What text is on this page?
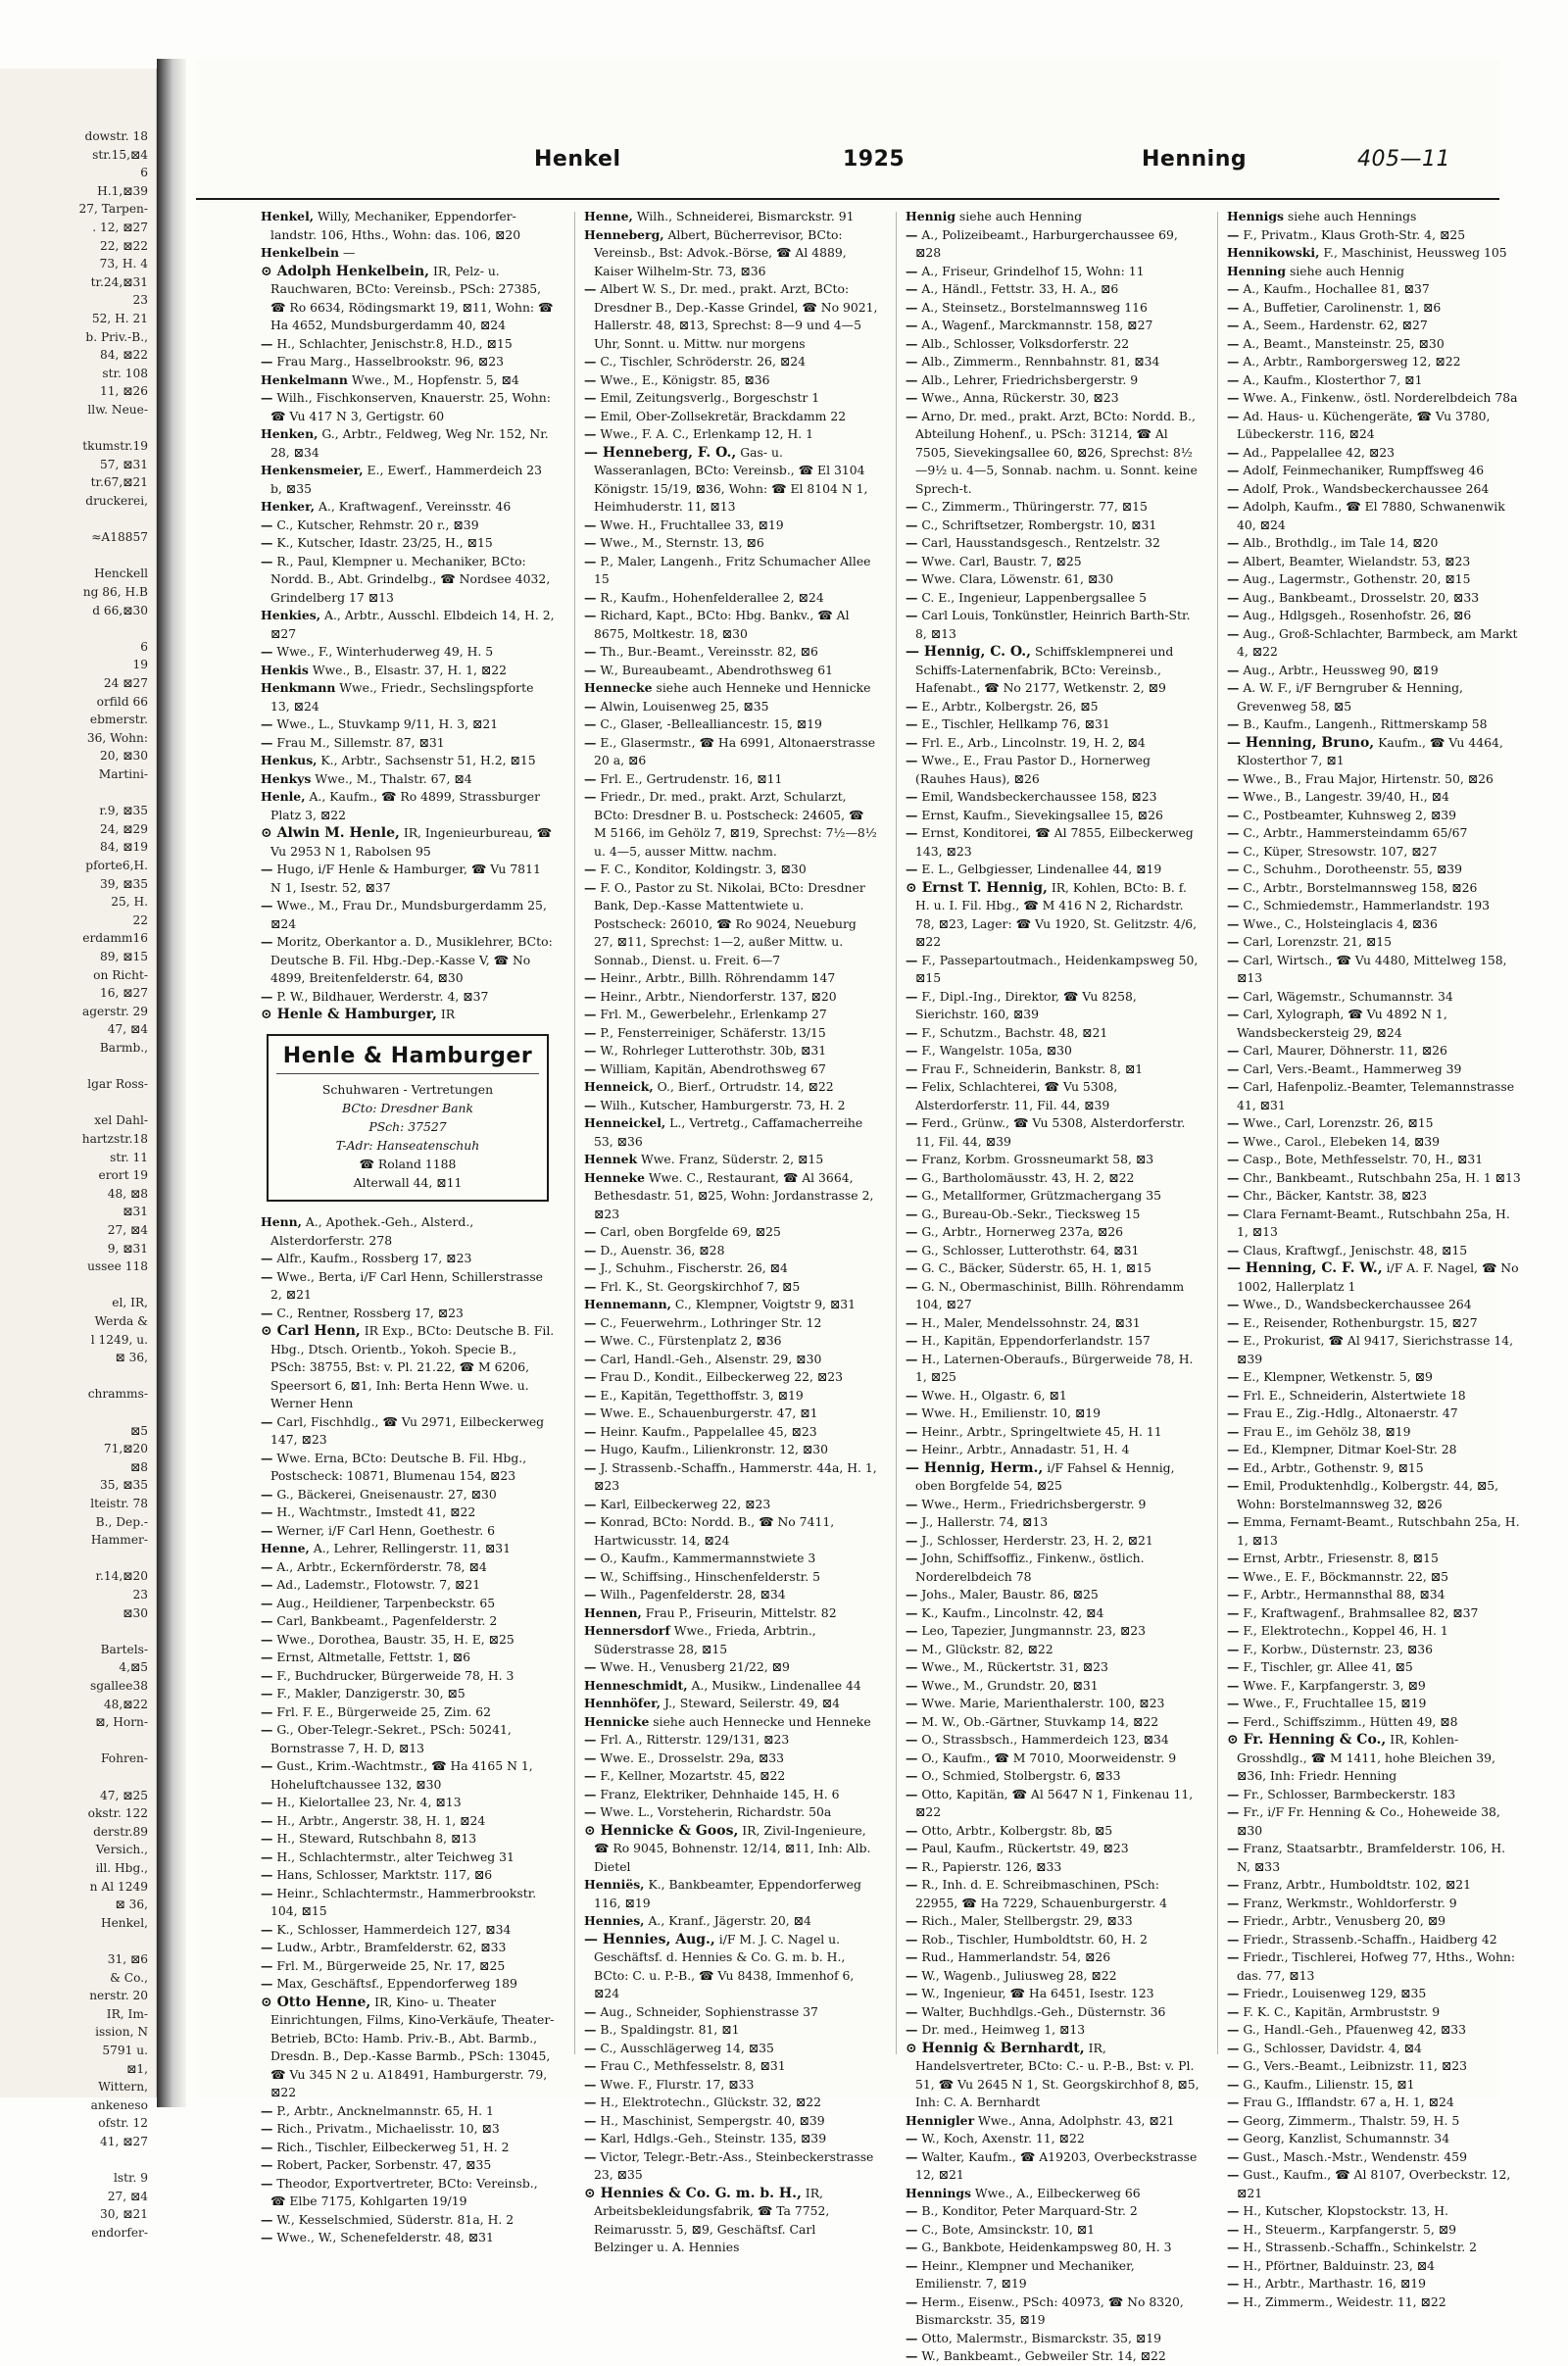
dowstr. 18
str.15,⊠4
6
H.1,⊠39
27, Tarpen-
. 12, ⊠27
22, ⊠22
73, H. 4
tr.24,⊠31
23
52, H. 21
b. Priv.-B.,
84, ⊠22
str. 108
11, ⊠26
llw. Neue-
tkumstr.19
57, ⊠31
tr.67,⊠21
druckerei,
≈A18857
Henckell
ng 86, H.B
d 66,⊠30
6
19
24 ⊠27
orfild 66
ebmerstr.
36, Wohn:
20, ⊠30
Martini-
r.9, ⊠35
24, ⊠29
84, ⊠19
pforte6,H.
39, ⊠35
25, H.
22
erdamm16
89, ⊠15
on Richt-
16, ⊠27
agerstr. 29
47, ⊠4
Barmb.,
lgar Ross-
xel Dahl-
hartzstr.18
str. 11
erort 19
48, ⊠8
⊠31
27, ⊠4
9, ⊠31
ussee 118
el, IR,
Werda &
l 1249, u.
⊠ 36,
chramms-
⊠5
71,⊠20
⊠8
35, ⊠35
lteistr. 78
B., Dep.-
Hammer-
r.14,⊠20
23
⊠30
Bartels-
4,⊠5
sgallee38
48,⊠22
⊠, Horn-
Fohren-
47, ⊠25
okstr. 122
derstr.89
Versich.,
ill. Hbg.,
n Al 1249
⊠ 36,
Henkel,
31, ⊠6
& Co.,
nerstr. 20
IR, Im-
ission, N
5791 u.
⊠1,
Wittern,
ankeneso
ofstr. 12
41, ⊠27
lstr. 9
27, ⊠4
30, ⊠21
endorfer-
Henkel	1925	Henning	405—11
Henkel, Willy, Mechaniker, Eppendorfer-landstr. 106, Hths., Wohn: das. 106, ⊠20
Henkelbein —
⊙ Adolph Henkelbein, IR, Pelz- u. Rauchwaren, BCto: Vereinsb., PSch: 27385, ☎ Ro 6634, Rödingsmarkt 19, ⊠11, Wohn: ☎ Ha 4652, Mundsburgerdamm 40, ⊠24
— H., Schlachter, Jenischstr.8, H.D., ⊠15
— Frau Marg., Hasselbrookstr. 96, ⊠23
Henkelmann Wwe., M., Hopfenstr. 5, ⊠4
— Wilh., Fischkonserven, Knauerstr. 25, Wohn: ☎ Vu 417 N 3, Gertigstr. 60
Henken, G., Arbtr., Feldweg, Weg Nr. 152, Nr. 28, ⊠34
Henkensmeier, E., Ewerf., Hammerdeich 23 b, ⊠35
Henker, A., Kraftwagenf., Vereinsstr. 46
— C., Kutscher, Rehmstr. 20 r., ⊠39
— K., Kutscher, Idastr. 23/25, H., ⊠15
— R., Paul, Klempner u. Mechaniker, BCto: Nordd. B., Abt. Grindelbg., ☎ Nordsee 4032, Grindelberg 17 ⊠13
Henkies, A., Arbtr., Ausschl. Elbdeich 14, H. 2, ⊠27
— Wwe., F., Winterhuderweg 49, H. 5
Henkis Wwe., B., Elsastr. 37, H. 1, ⊠22
Henkmann Wwe., Friedr., Sechslingspforte 13, ⊠24
— Wwe., L., Stuvkamp 9/11, H. 3, ⊠21
— Frau M., Sillemstr. 87, ⊠31
Henkus, K., Arbtr., Sachsenstr 51, H.2, ⊠15
Henkys Wwe., M., Thalstr. 67, ⊠4
Henle, A., Kaufm., ☎ Ro 4899, Strassburger Platz 3, ⊠22
⊙ Alwin M. Henle, IR, Ingenieurbureau, ☎ Vu 2953 N 1, Rabolsen 95
— Hugo, i/F Henle & Hamburger, ☎ Vu 7811 N 1, Isestr. 52, ⊠37
— Wwe., M., Frau Dr., Mundsburgerdamm 25, ⊠24
— Moritz, Oberkantor a. D., Musiklehrer, BCto: Deutsche B. Fil. Hbg.-Dep.-Kasse V, ☎ No 4899, Breitenfelderstr. 64, ⊠30
— P. W., Bildhauer, Werderstr. 4, ⊠37
⊙ Henle & Hamburger, IR
Henle & Hamburger
Schuhwaren - Vertretungen
BCto: Dresdner Bank
PSch: 37527
T-Adr: Hanseatenschuh
☎ Roland 1188
Alterwall 44, ⊠11
Henn, A., Apothek.-Geh., Alsterd., Alsterdorferstr. 278
— Alfr., Kaufm., Rossberg 17, ⊠23
— Wwe., Berta, i/F Carl Henn, Schillerstrasse 2, ⊠21
— C., Rentner, Rossberg 17, ⊠23
⊙ Carl Henn, IR Exp., BCto: Deutsche B. Fil. Hbg., Dtsch. Orientb., Yokoh. Specie B., PSch: 38755, Bst: v. Pl. 21.22, ☎ M 6206, Speersort 6, ⊠1, Inh: Berta Henn Wwe. u. Werner Henn
— Carl, Fischhdlg., ☎ Vu 2971, Eilbeckerweg 147, ⊠23
— Wwe. Erna, BCto: Deutsche B. Fil. Hbg., Postscheck: 10871, Blumenau 154, ⊠23
— G., Bäckerei, Gneisenaustr. 27, ⊠30
— H., Wachtmstr., Imstedt 41, ⊠22
— Werner, i/F Carl Henn, Goethestr. 6
Henne, A., Lehrer, Rellingerstr. 11, ⊠31
— A., Arbtr., Eckernförderstr. 78, ⊠4
— Ad., Lademstr., Flotowstr. 7, ⊠21
— Aug., Heildiener, Tarpenbeckstr. 65
— Carl, Bankbeamt., Pagenfelderstr. 2
— Wwe., Dorothea, Baustr. 35, H. E, ⊠25
— Ernst, Altmetalle, Fettstr. 1, ⊠6
— F., Buchdrucker, Bürgerweide 78, H. 3
— F., Makler, Danzigerstr. 30, ⊠5
— Frl. F. E., Bürgerweide 25, Zim. 62
— G., Ober-Telegr.-Sekret., PSch: 50241, Bornstrasse 7, H. D, ⊠13
— Gust., Krim.-Wachtmstr., ☎ Ha 4165 N 1, Hoheluftchaussee 132, ⊠30
— H., Kielortallee 23, Nr. 4, ⊠13
— H., Arbtr., Angerstr. 38, H. 1, ⊠24
— H., Steward, Rutschbahn 8, ⊠13
— H., Schlachtermstr., alter Teichweg 31
— Hans, Schlosser, Marktstr. 117, ⊠6
— Heinr., Schlachtermstr., Hammerbrookstr. 104, ⊠15
— K., Schlosser, Hammerdeich 127, ⊠34
— Ludw., Arbtr., Bramfelderstr. 62, ⊠33
— Frl. M., Bürgerweide 25, Nr. 17, ⊠25
— Max, Geschäftsf., Eppendorferweg 189
⊙ Otto Henne, IR, Kino- u. Theater Einrichtungen, Films, Kino-Verkäufe, Theater-Betrieb, BCto: Hamb. Priv.-B., Abt. Barmb., Dresdn. B., Dep.-Kasse Barmb., PSch: 13045, ☎ Vu 345 N 2 u. A18491, Hamburgerstr. 79, ⊠22
— P., Arbtr., Ancknelmannstr. 65, H. 1
— Rich., Privatm., Michaelisstr. 10, ⊠3
— Rich., Tischler, Eilbeckerweg 51, H. 2
— Robert, Packer, Sorbenstr. 47, ⊠35
— Theodor, Exportvertreter, BCto: Vereinsb., ☎ Elbe 7175, Kohlgarten 19/19
— W., Kesselschmied, Süderstr. 81a, H. 2
— Wwe., W., Schenefelderstr. 48, ⊠31
Henne, Wilh., Schneiderei, Bismarckstr. 91
Henneberg, Albert, Bücherrevisor, BCto: Vereinsb., Bst: Advok.-Börse, ☎ Al 4889, Kaiser Wilhelm-Str. 73, ⊠36
— Albert W. S., Dr. med., prakt. Arzt, BCto: Dresdner B., Dep.-Kasse Grindel, ☎ No 9021, Hallerstr. 48, ⊠13, Sprechst: 8—9 und 4—5 Uhr, Sonnt. u. Mittw. nur morgens
— C., Tischler, Schröderstr. 26, ⊠24
— Wwe., E., Königstr. 85, ⊠36
— Emil, Zeitungsverlg., Borgeschstr 1
— Emil, Ober-Zollsekretär, Brackdamm 22
— Wwe., F. A. C., Erlenkamp 12, H. 1
— Henneberg, F. O., Gas- u. Wasseranlagen, BCto: Vereinsb., ☎ El 3104 Königstr. 15/19, ⊠36, Wohn: ☎ El 8104 N 1, Heimhuderstr. 11, ⊠13
— Wwe. H., Fruchtallee 33, ⊠19
— Wwe., M., Sternstr. 13, ⊠6
— P., Maler, Langenh., Fritz Schumacher Allee 15
— R., Kaufm., Hohenfelderallee 2, ⊠24
— Richard, Kapt., BCto: Hbg. Bankv., ☎ Al 8675, Moltkestr. 18, ⊠30
— Th., Bur.-Beamt., Vereinsstr. 82, ⊠6
— W., Bureaubeamt., Abendrothsweg 61
Hennecke siehe auch Henneke und Hennicke
— Alwin, Louisenweg 25, ⊠35
— C., Glaser, -Bellealliancestr. 15, ⊠19
— E., Glasermstr., ☎ Ha 6991, Altonaerstrasse 20 a, ⊠6
— Frl. E., Gertrudenstr. 16, ⊠11
— Friedr., Dr. med., prakt. Arzt, Schularzt, BCto: Dresdner B. u. Postscheck: 24605, ☎ M 5166, im Gehölz 7, ⊠19, Sprechst: 7½—8½ u. 4—5, ausser Mittw. nachm.
— F. C., Konditor, Koldingstr. 3, ⊠30
— F. O., Pastor zu St. Nikolai, BCto: Dresdner Bank, Dep.-Kasse Mattentwiete u. Postscheck: 26010, ☎ Ro 9024, Neueburg 27, ⊠11, Sprechst: 1—2, außer Mittw. u. Sonnab., Dienst. u. Freit. 6—7
— Heinr., Arbtr., Billh. Röhrendamm 147
— Heinr., Arbtr., Niendorferstr. 137, ⊠20
— Frl. M., Gewerbelehr., Erlenkamp 27
— P., Fensterreiniger, Schäferstr. 13/15
— W., Rohrleger Lutterothstr. 30b, ⊠31
— William, Kapitän, Abendrothsweg 67
Henneick, O., Bierf., Ortrudstr. 14, ⊠22
— Wilh., Kutscher, Hamburgerstr. 73, H. 2
Henneickel, L., Vertretg., Caffamacherreihe 53, ⊠36
Hennek Wwe. Franz, Süderstr. 2, ⊠15
Henneke Wwe. C., Restaurant, ☎ Al 3664, Bethesdastr. 51, ⊠25, Wohn: Jordanstrasse 2, ⊠23
— Carl, oben Borgfelde 69, ⊠25
— D., Auenstr. 36, ⊠28
— J., Schuhm., Fischerstr. 26, ⊠4
— Frl. K., St. Georgskirchhof 7, ⊠5
Hennemann, C., Klempner, Voigtstr 9, ⊠31
— C., Feuerwehrm., Lothringer Str. 12
— Wwe. C., Fürstenplatz 2, ⊠36
— Carl, Handl.-Geh., Alsenstr. 29, ⊠30
— Frau D., Kondit., Eilbeckerweg 22, ⊠23
— E., Kapitän, Tegetthoffstr. 3, ⊠19
— Wwe. E., Schauenburgerstr. 47, ⊠1
— Heinr. Kaufm., Pappelallee 45, ⊠23
— Hugo, Kaufm., Lilienkronstr. 12, ⊠30
— J. Strassenb.-Schaffn., Hammerstr. 44a, H. 1, ⊠23
— Karl, Eilbeckerweg 22, ⊠23
— Konrad, BCto: Nordd. B., ☎ No 7411, Hartwicusstr. 14, ⊠24
— O., Kaufm., Kammermannstwiete 3
— W., Schiffsing., Hinschenfelderstr. 5
— Wilh., Pagenfelderstr. 28, ⊠34
Hennen, Frau P., Friseurin, Mittelstr. 82
Hennersdorf Wwe., Frieda, Arbtrin., Süderstrasse 28, ⊠15
— Wwe. H., Venusberg 21/22, ⊠9
Henneschmidt, A., Musikw., Lindenallee 44
Hennhöfer, J., Steward, Seilerstr. 49, ⊠4
Hennicke siehe auch Hennecke und Henneke
— Frl. A., Ritterstr. 129/131, ⊠23
— Wwe. E., Drosselstr. 29a, ⊠33
— F., Kellner, Mozartstr. 45, ⊠22
— Franz, Elektriker, Dehnhaide 145, H. 6
— Wwe. L., Vorsteherin, Richardstr. 50a
⊙ Hennicke & Goos, IR, Zivil-Ingenieure, ☎ Ro 9045, Bohnenstr. 12/14, ⊠11, Inh: Alb. Dietel
Henniës, K., Bankbeamter, Eppendorferweg 116, ⊠19
Hennies, A., Kranf., Jägerstr. 20, ⊠4
— Hennies, Aug., i/F M. J. C. Nagel u. Geschäftsf. d. Hennies & Co. G. m. b. H., BCto: C. u. P.-B., ☎ Vu 8438, Immenhof 6, ⊠24
— Aug., Schneider, Sophienstrasse 37
— B., Spaldingstr. 81, ⊠1
— C., Ausschlägerweg 14, ⊠35
— Frau C., Methfesselstr. 8, ⊠31
— Wwe. F., Flurstr. 17, ⊠33
— H., Elektrotechn., Glückstr. 32, ⊠22
— H., Maschinist, Sempergstr. 40, ⊠39
— Karl, Hdlgs.-Geh., Steinstr. 135, ⊠39
— Victor, Telegr.-Betr.-Ass., Steinbeckerstrasse 23, ⊠35
⊙ Hennies & Co. G. m. b. H., IR, Arbeitsbekleidungsfabrik, ☎ Ta 7752, Reimarusstr. 5, ⊠9, Geschäftsf. Carl Belzinger u. A. Hennies
Hennig siehe auch Henning
— A., Polizeibeamt., Harburgerchaussee 69, ⊠28
— A., Friseur, Grindelhof 15, Wohn: 11
— A., Händl., Fettstr. 33, H. A., ⊠6
— A., Steinsetz., Borstelmannsweg 116
— A., Wagenf., Marckmannstr. 158, ⊠27
— Alb., Schlosser, Volksdorferstr. 22
— Alb., Zimmerm., Rennbahnstr. 81, ⊠34
— Alb., Lehrer, Friedrichsbergerstr. 9
— Wwe., Anna, Rückerstr. 30, ⊠23
— Arno, Dr. med., prakt. Arzt, BCto: Nordd. B., Abteilung Hohenf., u. PSch: 31214, ☎ Al 7505, Sievekingsallee 60, ⊠26, Sprechst: 8½—9½ u. 4—5, Sonnab. nachm. u. Sonnt. keine Sprech-t.
— C., Zimmerm., Thüringerstr. 77, ⊠15
— C., Schriftsetzer, Rombergstr. 10, ⊠31
— Carl, Hausstandsgesch., Rentzelstr. 32
— Wwe. Carl, Baustr. 7, ⊠25
— Wwe. Clara, Löwenstr. 61, ⊠30
— C. E., Ingenieur, Lappenbergsallee 5
— Carl Louis, Tonkünstler, Heinrich Barth-Str. 8, ⊠13
— Hennig, C. O., Schiffsklempnerei und Schiffs-Laternenfabrik, BCto: Vereinsb., Hafenabt., ☎ No 2177, Wetkenstr. 2, ⊠9
— E., Arbtr., Kolbergstr. 26, ⊠5
— E., Tischler, Hellkamp 76, ⊠31
— Frl. E., Arb., Lincolnstr. 19, H. 2, ⊠4
— Wwe., E., Frau Pastor D., Hornerweg (Rauhes Haus), ⊠26
— Emil, Wandsbeckerchaussee 158, ⊠23
— Ernst, Kaufm., Sievekingsallee 15, ⊠26
— Ernst, Konditorei, ☎ Al 7855, Eilbeckerweg 143, ⊠23
— E. L., Gelbgiesser, Lindenallee 44, ⊠19
⊙ Ernst T. Hennig, IR, Kohlen, BCto: B. f. H. u. I. Fil. Hbg., ☎ M 416 N 2, Richardstr. 78, ⊠23, Lager: ☎ Vu 1920, St. Gelitzstr. 4/6, ⊠22
— F., Passepartoutmach., Heidenkampsweg 50, ⊠15
— F., Dipl.-Ing., Direktor, ☎ Vu 8258, Sierichstr. 160, ⊠39
— F., Schutzm., Bachstr. 48, ⊠21
— F., Wangelstr. 105a, ⊠30
— Frau F., Schneiderin, Bankstr. 8, ⊠1
— Felix, Schlachterei, ☎ Vu 5308, Alsterdorferstr. 11, Fil. 44, ⊠39
— Ferd., Grünw., ☎ Vu 5308, Alsterdorferstr. 11, Fil. 44, ⊠39
— Franz, Korbm. Grossneumarkt 58, ⊠3
— G., Bartholomäusstr. 43, H. 2, ⊠22
— G., Metallformer, Grützmachergang 35
— G., Bureau-Ob.-Sekr., Tiecksweg 15
— G., Arbtr., Hornerweg 237a, ⊠26
— G., Schlosser, Lutterothstr. 64, ⊠31
— G. C., Bäcker, Süderstr. 65, H. 1, ⊠15
— G. N., Obermaschinist, Billh. Röhrendamm 104, ⊠27
— H., Maler, Mendelssohnstr. 24, ⊠31
— H., Kapitän, Eppendorferlandstr. 157
— H., Laternen-Oberaufs., Bürgerweide 78, H. 1, ⊠25
— Wwe. H., Olgastr. 6, ⊠1
— Wwe. H., Emilienstr. 10, ⊠19
— Heinr., Arbtr., Springeltwiete 45, H. 11
— Heinr., Arbtr., Annadastr. 51, H. 4
— Hennig, Herm., i/F Fahsel & Hennig, oben Borgfelde 54, ⊠25
— Wwe., Herm., Friedrichsbergerstr. 9
— J., Hallerstr. 74, ⊠13
— J., Schlosser, Herderstr. 23, H. 2, ⊠21
— John, Schiffsoffiz., Finkenw., östlich. Norderelbdeich 78
— Johs., Maler, Baustr. 86, ⊠25
— K., Kaufm., Lincolnstr. 42, ⊠4
— Leo, Tapezier, Jungmannstr. 23, ⊠23
— M., Glückstr. 82, ⊠22
— Wwe., M., Rückertstr. 31, ⊠23
— Wwe., M., Grundstr. 20, ⊠31
— Wwe. Marie, Marienthalerstr. 100, ⊠23
— M. W., Ob.-Gärtner, Stuvkamp 14, ⊠22
— O., Strassbsch., Hammerdeich 123, ⊠34
— O., Kaufm., ☎ M 7010, Moorweidenstr. 9
— O., Schmied, Stolbergstr. 6, ⊠33
— Otto, Kapitän, ☎ Al 5647 N 1, Finkenau 11, ⊠22
— Otto, Arbtr., Kolbergstr. 8b, ⊠5
— Paul, Kaufm., Rückertstr. 49, ⊠23
— R., Papierstr. 126, ⊠33
— R., Inh. d. E. Schreibmaschinen, PSch: 22955, ☎ Ha 7229, Schauenburgerstr. 4
— Rich., Maler, Stellbergstr. 29, ⊠33
— Rob., Tischler, Humboldtstr. 60, H. 2
— Rud., Hammerlandstr. 54, ⊠26
— W., Wagenb., Juliusweg 28, ⊠22
— W., Ingenieur, ☎ Ha 6451, Isestr. 123
— Walter, Buchhdlgs.-Geh., Düsternstr. 36
— Dr. med., Heimweg 1, ⊠13
⊙ Hennig & Bernhardt, IR, Handelsvertreter, BCto: C.- u. P.-B., Bst: v. Pl. 51, ☎ Vu 2645 N 1, St. Georgskirchhof 8, ⊠5, Inh: C. A. Bernhardt
Hennigler Wwe., Anna, Adolphstr. 43, ⊠21
— W., Koch, Axenstr. 11, ⊠22
— Walter, Kaufm., ☎ A19203, Overbeckstrasse 12, ⊠21
Hennings Wwe., A., Eilbeckerweg 66
— B., Konditor, Peter Marquard-Str. 2
— C., Bote, Amsinckstr. 10, ⊠1
— G., Bankbote, Heidenkampsweg 80, H. 3
— Heinr., Klempner und Mechaniker, Emilienstr. 7, ⊠19
— Herm., Eisenw., PSch: 40973, ☎ No 8320, Bismarckstr. 35, ⊠19
— Otto, Malermstr., Bismarckstr. 35, ⊠19
— W., Bankbeamt., Gebweiler Str. 14, ⊠22
Hennigs siehe auch Hennings
— F., Privatm., Klaus Groth-Str. 4, ⊠25
Hennikowski, F., Maschinist, Heussweg 105
Henning siehe auch Hennig
— A., Kaufm., Hochallee 81, ⊠37
— A., Buffetier, Carolinenstr. 1, ⊠6
— A., Seem., Hardenstr. 62, ⊠27
— A., Beamt., Mansteinstr. 25, ⊠30
— A., Arbtr., Ramborgersweg 12, ⊠22
— A., Kaufm., Klosterthor 7, ⊠1
— Wwe. A., Finkenw., östl. Norderelbdeich 78a
— Ad. Haus- u. Küchengeräte, ☎ Vu 3780, Lübeckerstr. 116, ⊠24
— Ad., Pappelallee 42, ⊠23
— Adolf, Feinmechaniker, Rumpffsweg 46
— Adolf, Prok., Wandsbeckerchaussee 264
— Adolph, Kaufm., ☎ El 7880, Schwanenwik 40, ⊠24
— Alb., Brothdlg., im Tale 14, ⊠20
— Albert, Beamter, Wielandstr. 53, ⊠23
— Aug., Lagermstr., Gothenstr. 20, ⊠15
— Aug., Bankbeamt., Drosselstr. 20, ⊠33
— Aug., Hdlgsgeh., Rosenhofstr. 26, ⊠6
— Aug., Groß-Schlachter, Barmbeck, am Markt 4, ⊠22
— Aug., Arbtr., Heussweg 90, ⊠19
— A. W. F., i/F Berngruber & Henning, Grevenweg 58, ⊠5
— B., Kaufm., Langenh., Rittmerskamp 58
— Henning, Bruno, Kaufm., ☎ Vu 4464, Klosterthor 7, ⊠1
— Wwe., B., Frau Major, Hirtenstr. 50, ⊠26
— Wwe., B., Langestr. 39/40, H., ⊠4
— C., Postbeamter, Kuhnsweg 2, ⊠39
— C., Arbtr., Hammersteindamm 65/67
— C., Küper, Stresowstr. 107, ⊠27
— C., Schuhm., Dorotheenstr. 55, ⊠39
— C., Arbtr., Borstelmannsweg 158, ⊠26
— C., Schmiedemstr., Hammerlandstr. 193
— Wwe., C., Holsteinglacis 4, ⊠36
— Carl, Lorenzstr. 21, ⊠15
— Carl, Wirtsch., ☎ Vu 4480, Mittelweg 158, ⊠13
— Carl, Wägemstr., Schumannstr. 34
— Carl, Xylograph, ☎ Vu 4892 N 1, Wandsbeckersteig 29, ⊠24
— Carl, Maurer, Döhnerstr. 11, ⊠26
— Carl, Vers.-Beamt., Hammerweg 39
— Carl, Hafenpoliz.-Beamter, Telemannstrasse 41, ⊠31
— Wwe., Carl, Lorenzstr. 26, ⊠15
— Wwe., Carol., Elebeken 14, ⊠39
— Casp., Bote, Methfesselstr. 70, H., ⊠31
— Chr., Bankbeamt., Rutschbahn 25a, H. 1 ⊠13
— Chr., Bäcker, Kantstr. 38, ⊠23
— Clara Fernamt-Beamt., Rutschbahn 25a, H. 1, ⊠13
— Claus, Kraftwgf., Jenischstr. 48, ⊠15
— Henning, C. F. W., i/F A. F. Nagel, ☎ No 1002, Hallerplatz 1
— Wwe., D., Wandsbeckerchaussee 264
— E., Reisender, Rothenburgstr. 15, ⊠27
— E., Prokurist, ☎ Al 9417, Sierichstrasse 14, ⊠39
— E., Klempner, Wetkenstr. 5, ⊠9
— Frl. E., Schneiderin, Alstertwiete 18
— Frau E., Zig.-Hdlg., Altonaerstr. 47
— Frau E., im Gehölz 38, ⊠19
— Ed., Klempner, Ditmar Koel-Str. 28
— Ed., Arbtr., Gothenstr. 9, ⊠15
— Emil, Produktenhdlg., Kolbergstr. 44, ⊠5, Wohn: Borstelmannsweg 32, ⊠26
— Emma, Fernamt-Beamt., Rutschbahn 25a, H. 1, ⊠13
— Ernst, Arbtr., Friesenstr. 8, ⊠15
— Wwe., E. F., Böckmannstr. 22, ⊠5
— F., Arbtr., Hermannsthal 88, ⊠34
— F., Kraftwagenf., Brahmsallee 82, ⊠37
— F., Elektrotechn., Koppel 46, H. 1
— F., Korbw., Düsternstr. 23, ⊠36
— F., Tischler, gr. Allee 41, ⊠5
— Wwe. F., Karpfangerstr. 3, ⊠9
— Wwe., F., Fruchtallee 15, ⊠19
— Ferd., Schiffszimm., Hütten 49, ⊠8
⊙ Fr. Henning & Co., IR, Kohlen-Grosshdlg., ☎ M 1411, hohe Bleichen 39, ⊠36, Inh: Friedr. Henning
— Fr., Schlosser, Barmbeckerstr. 183
— Fr., i/F Fr. Henning & Co., Hoheweide 38, ⊠30
— Franz, Staatsarbtr., Bramfelderstr. 106, H. N, ⊠33
— Franz, Arbtr., Humboldtstr. 102, ⊠21
— Franz, Werkmstr., Wohldorferstr. 9
— Friedr., Arbtr., Venusberg 20, ⊠9
— Friedr., Strassenb.-Schaffn., Haidberg 42
— Friedr., Tischlerei, Hofweg 77, Hths., Wohn: das. 77, ⊠13
— Friedr., Louisenweg 129, ⊠35
— F. K. C., Kapitän, Armbruststr. 9
— G., Handl.-Geh., Pfauenweg 42, ⊠33
— G., Schlosser, Davidstr. 4, ⊠4
— G., Vers.-Beamt., Leibnizstr. 11, ⊠23
— G., Kaufm., Lilienstr. 15, ⊠1
— Frau G., Ifflandstr. 67 a, H. 1, ⊠24
— Georg, Zimmerm., Thalstr. 59, H. 5
— Georg, Kanzlist, Schumannstr. 34
— Gust., Masch.-Mstr., Wendenstr. 459
— Gust., Kaufm., ☎ Al 8107, Overbeckstr. 12, ⊠21
— H., Kutscher, Klopstockstr. 13, H.
— H., Steuerm., Karpfangerstr. 5, ⊠9
— H., Strassenb.-Schaffn., Schinkelstr. 2
— H., Pförtner, Balduinstr. 23, ⊠4
— H., Arbtr., Marthastr. 16, ⊠19
— H., Zimmerm., Weidestr. 11, ⊠22
